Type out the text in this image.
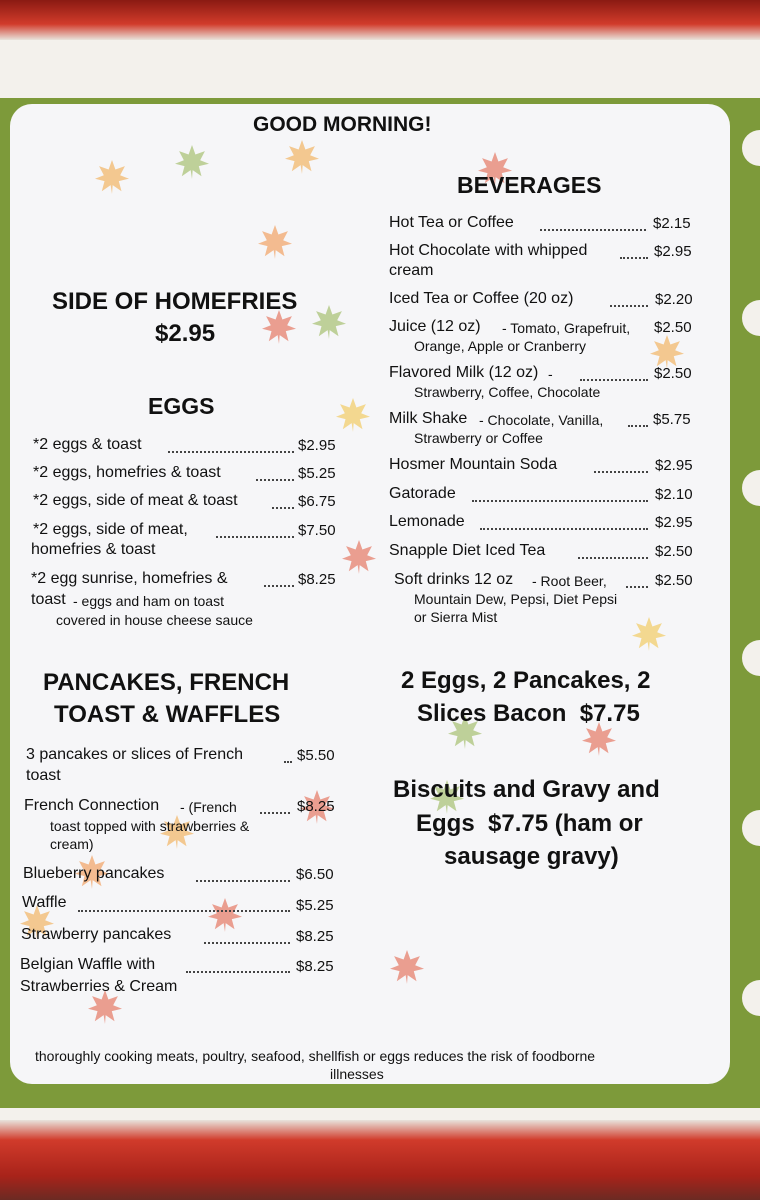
GOOD MORNING!
SIDE OF HOMEFRIES
$2.95
EGGS
*2 eggs & toast	$2.95
*2 eggs, homefries & toast	$5.25
*2 eggs, side of meat & toast	$6.75
*2 eggs, side of meat,	$7.50
homefries & toast
*2 egg sunrise, homefries &	$8.25
toast - eggs and ham on toast
covered in house cheese sauce
PANCAKES, FRENCH
TOAST & WAFFLES
3 pancakes or slices of French	$5.50
toast
French Connection - (French	$8.25
toast topped with strawberries &
cream)
Blueberry pancakes	$6.50
Waffle	$5.25
Strawberry pancakes	$8.25
Belgian Waffle with	$8.25
Strawberries & Cream
BEVERAGES
Hot Tea or Coffee	$2.15
Hot Chocolate with whipped	$2.95
cream
Iced Tea or Coffee (20 oz)	$2.20
Juice (12 oz) - Tomato, Grapefruit, $2.50
Orange, Apple or Cranberry
Flavored Milk (12 oz) -	$2.50
Strawberry, Coffee, Chocolate
Milk Shake - Chocolate, Vanilla,	$5.75
Strawberry or Coffee
Hosmer Mountain Soda	$2.95
Gatorade	$2.10
Lemonade	$2.95
Snapple Diet Iced Tea	$2.50
Soft drinks 12 oz - Root Beer,	$2.50
Mountain Dew, Pepsi, Diet Pepsi
or Sierra Mist
2 Eggs, 2 Pancakes, 2
Slices Bacon  $7.75
Biscuits and Gravy and
Eggs  $7.75 (ham or
sausage gravy)
thoroughly cooking meats, poultry, seafood, shellfish or eggs reduces the risk of foodborne
illnesses
